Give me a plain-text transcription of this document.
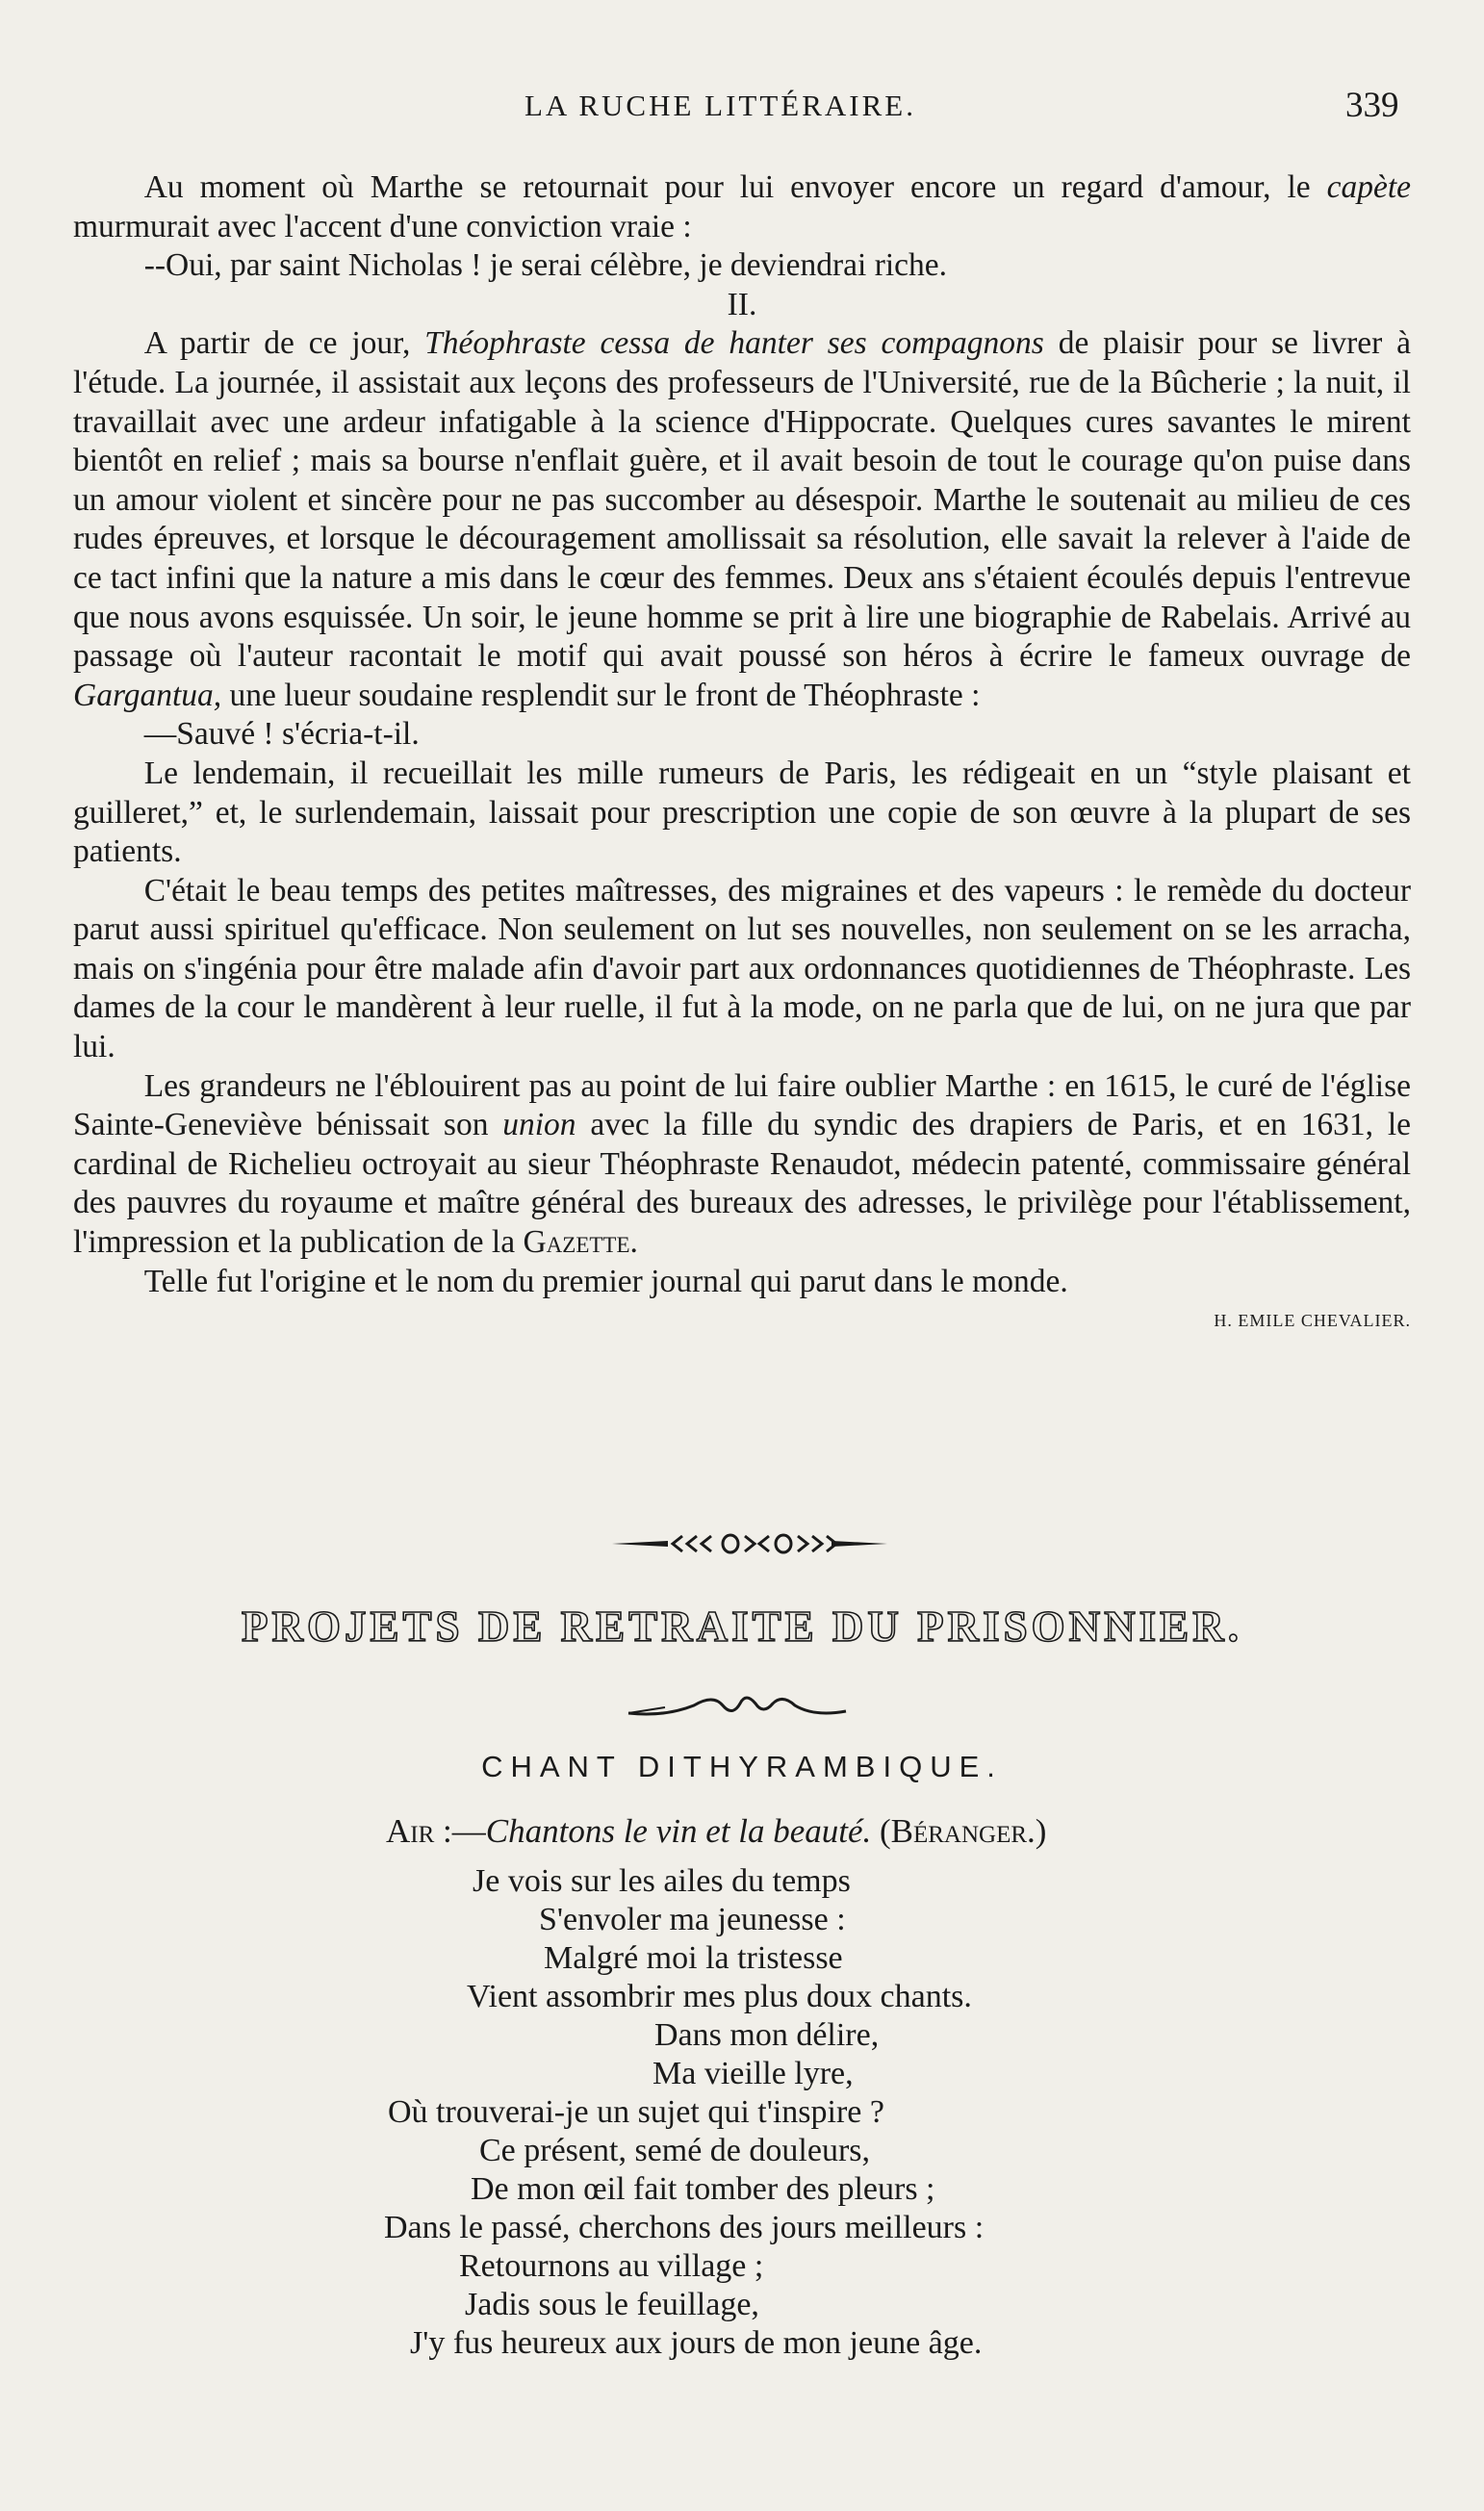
LA RUCHE LITTÉRAIRE.	339

Au moment où Marthe se retournait pour lui envoyer encore un regard d'amour, le capète murmurait avec l'accent d'une conviction vraie :

--Oui, par saint Nicholas ! je serai célèbre, je deviendrai riche.

II.

A partir de ce jour, Théophraste cessa de hanter ses compagnons de plaisir pour se livrer à l'étude. La journée, il assistait aux leçons des professeurs de l'Université, rue de la Bûcherie ; la nuit, il travaillait avec une ardeur infatigable à la science d'Hippocrate. Quelques cures savantes le mirent bientôt en relief ; mais sa bourse n'enflait guère, et il avait besoin de tout le courage qu'on puise dans un amour violent et sincère pour ne pas succomber au désespoir. Marthe le soutenait au milieu de ces rudes épreuves, et lorsque le découragement amollissait sa résolution, elle savait la relever à l'aide de ce tact infini que la nature a mis dans le cœur des femmes. Deux ans s'étaient écoulés depuis l'entrevue que nous avons esquissée. Un soir, le jeune homme se prit à lire une biographie de Rabelais. Arrivé au passage où l'auteur racontait le motif qui avait poussé son héros à écrire le fameux ouvrage de Gargantua, une lueur soudaine resplendit sur le front de Théophraste :

—Sauvé ! s'écria-t-il.

Le lendemain, il recueillait les mille rumeurs de Paris, les rédigeait en un “style plaisant et guilleret,” et, le surlendemain, laissait pour prescription une copie de son œuvre à la plupart de ses patients.

C'était le beau temps des petites maîtresses, des migraines et des vapeurs : le remède du docteur parut aussi spirituel qu'efficace. Non seulement on lut ses nouvelles, non seulement on se les arracha, mais on s'ingénia pour être malade afin d'avoir part aux ordonnances quotidiennes de Théophraste. Les dames de la cour le mandèrent à leur ruelle, il fut à la mode, on ne parla que de lui, on ne jura que par lui.

Les grandeurs ne l'éblouirent pas au point de lui faire oublier Marthe : en 1615, le curé de l'église Sainte-Geneviève bénissait son union avec la fille du syndic des drapiers de Paris, et en 1631, le cardinal de Richelieu octroyait au sieur Théophraste Renaudot, médecin patenté, commissaire général des pauvres du royaume et maître général des bureaux des adresses, le privilège pour l'établissement, l'impression et la publication de la Gazette.

Telle fut l'origine et le nom du premier journal qui parut dans le monde.

H. EMILE CHEVALIER.

PROJETS DE RETRAITE DU PRISONNIER.
CHANT DITHYRAMBIQUE.
Air :—Chantons le vin et la beauté. (Béranger.)
Je vois sur les ailes du temps
S'envoler ma jeunesse :
Malgré moi la tristesse
Vient assombrir mes plus doux chants.
Dans mon délire,
Ma vieille lyre,
Où trouverai-je un sujet qui t'inspire ?
Ce présent, semé de douleurs,
De mon œil fait tomber des pleurs ;
Dans le passé, cherchons des jours meilleurs :
Retournons au village ;
Jadis sous le feuillage,
J'y fus heureux aux jours de mon jeune âge.
